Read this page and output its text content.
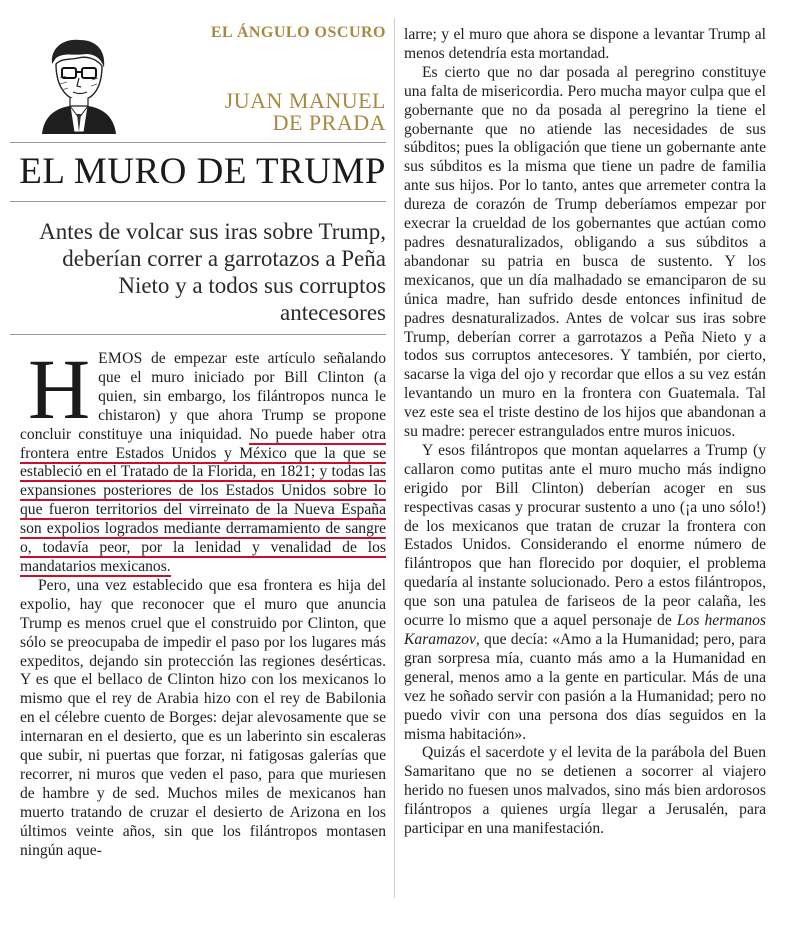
EL ÁNGULO OSCURO
JUAN MANUEL
DE PRADA
EL MURO DE TRUMP
Antes de volcar sus iras sobre Trump, deberían correr a garrotazos a Peña Nieto y a todos sus corruptos antecesores

HEMOS de empezar este artículo señalando que el muro iniciado por Bill Clinton (a quien, sin embargo, los filántropos nunca le chistaron) y que ahora Trump se propone concluir constituye una iniquidad. No puede haber otra frontera entre Estados Unidos y México que la que se estableció en el Tratado de la Florida, en 1821; y todas las expansiones posteriores de los Estados Unidos sobre lo que fueron territorios del virreinato de la Nueva España son expolios logrados mediante derramamiento de sangre o, todavía peor, por la lenidad y venalidad de los mandatarios mexicanos.

Pero, una vez establecido que esa frontera es hija del expolio, hay que reconocer que el muro que anuncia Trump es menos cruel que el construido por Clinton, que sólo se preocupaba de impedir el paso por los lugares más expeditos, dejando sin protección las regiones desérticas. Y es que el bellaco de Clinton hizo con los mexicanos lo mismo que el rey de Arabia hizo con el rey de Babilonia en el célebre cuento de Borges: dejar alevosamente que se internaran en el desierto, que es un laberinto sin escaleras que subir, ni puertas que forzar, ni fatigosas galerías que recorrer, ni muros que veden el paso, para que muriesen de hambre y de sed. Muchos miles de mexicanos han muerto tratando de cruzar el desierto de Arizona en los últimos veinte años, sin que los filántropos montasen ningún aque-

larre; y el muro que ahora se dispone a levantar Trump al menos detendría esta mortandad.

Es cierto que no dar posada al peregrino constituye una falta de misericordia. Pero mucha mayor culpa que el gobernante que no da posada al peregrino la tiene el gobernante que no atiende las necesidades de sus súbditos; pues la obligación que tiene un gobernante ante sus súbditos es la misma que tiene un padre de familia ante sus hijos. Por lo tanto, antes que arremeter contra la dureza de corazón de Trump deberíamos empezar por execrar la crueldad de los gobernantes que actúan como padres desnaturalizados, obligando a sus súbditos a abandonar su patria en busca de sustento. Y los mexicanos, que un día malhadado se emanciparon de su única madre, han sufrido desde entonces infinitud de padres desnaturalizados. Antes de volcar sus iras sobre Trump, deberían correr a garrotazos a Peña Nieto y a todos sus corruptos antecesores. Y también, por cierto, sacarse la viga del ojo y recordar que ellos a su vez están levantando un muro en la frontera con Guatemala. Tal vez este sea el triste destino de los hijos que abandonan a su madre: perecer estrangulados entre muros inicuos.

Y esos filántropos que montan aquelarres a Trump (y callaron como putitas ante el muro mucho más indigno erigido por Bill Clinton) deberían acoger en sus respectivas casas y procurar sustento a uno (¡a uno sólo!) de los mexicanos que tratan de cruzar la frontera con Estados Unidos. Considerando el enorme número de filántropos que han florecido por doquier, el problema quedaría al instante solucionado. Pero a estos filántropos, que son una patulea de fariseos de la peor calaña, les ocurre lo mismo que a aquel personaje de Los hermanos Karamazov, que decía: «Amo a la Humanidad; pero, para gran sorpresa mía, cuanto más amo a la Humanidad en general, menos amo a la gente en particular. Más de una vez he soñado servir con pasión a la Humanidad; pero no puedo vivir con una persona dos días seguidos en la misma habitación».

Quizás el sacerdote y el levita de la parábola del Buen Samaritano que no se detienen a socorrer al viajero herido no fuesen unos malvados, sino más bien ardorosos filántropos a quienes urgía llegar a Jerusalén, para participar en una manifestación.
